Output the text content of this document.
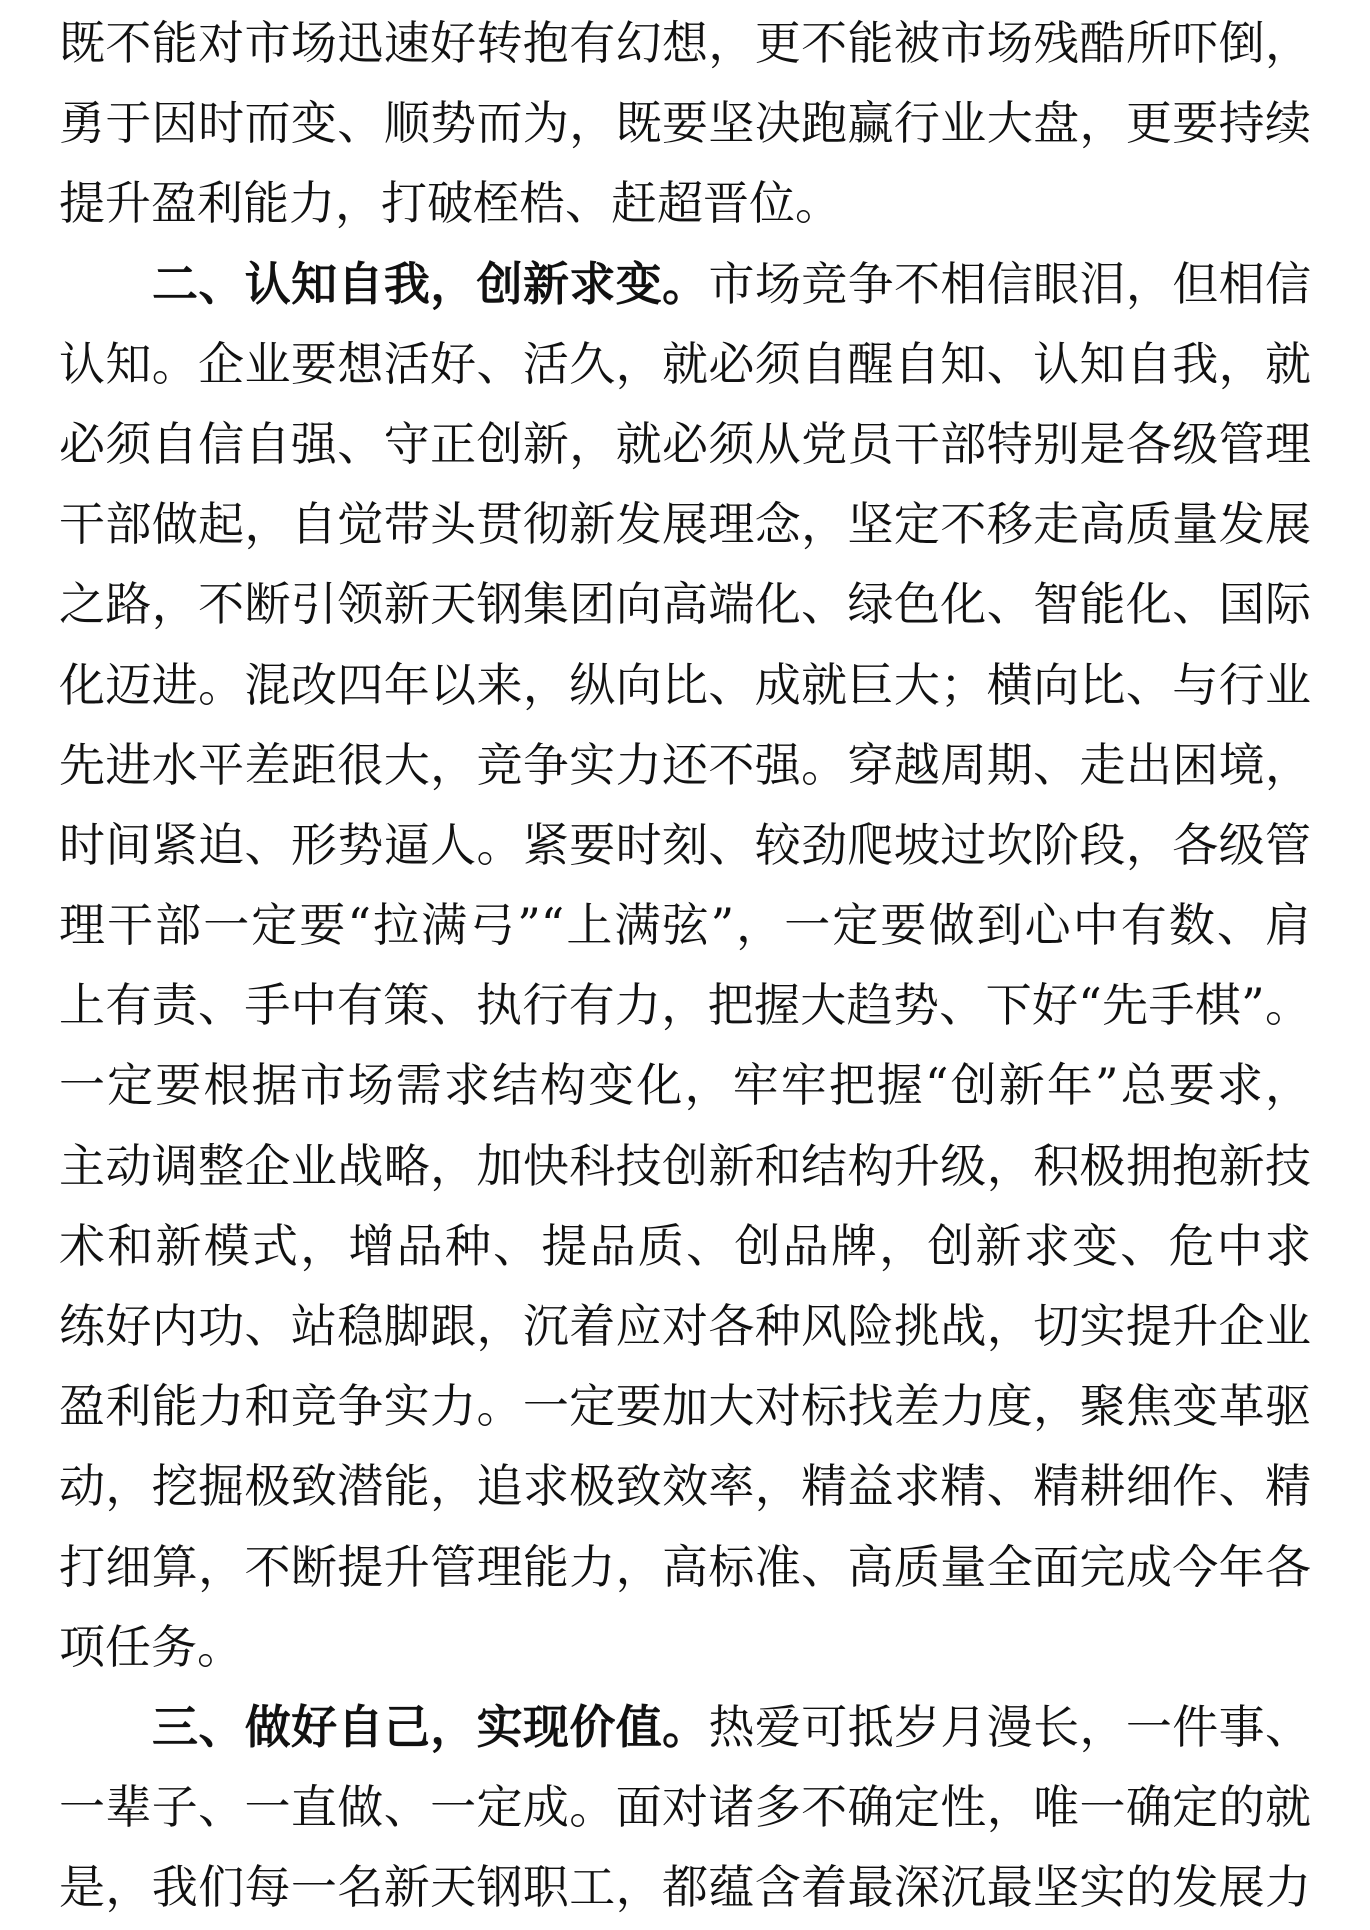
既不能对市场迅速好转抱有幻想，更不能被市场残酷所吓倒，
勇于因时而变、顺势而为，既要坚决跑赢行业大盘，更要持续
提升盈利能力，打破桎梏、赶超晋位。
二、认知自我，创新求变。市场竞争不相信眼泪，但相信
认知。企业要想活好、活久，就必须自醒自知、认知自我，就
必须自信自强、守正创新，就必须从党员干部特别是各级管理
干部做起，自觉带头贯彻新发展理念，坚定不移走高质量发展
之路，不断引领新天钢集团向高端化、绿色化、智能化、国际
化迈进。混改四年以来，纵向比、成就巨大；横向比、与行业
先进水平差距很大，竞争实力还不强。穿越周期、走出困境，
时间紧迫、形势逼人。紧要时刻、较劲爬坡过坎阶段，各级管
理干部一定要“拉满弓”“上满弦”，一定要做到心中有数、肩
上有责、手中有策、执行有力，把握大趋势、下好“先手棋”。
一定要根据市场需求结构变化，牢牢把握“创新年”总要求，
主动调整企业战略，加快科技创新和结构升级，积极拥抱新技
术和新模式，增品种、提品质、创品牌，创新求变、危中求
练好内功、站稳脚跟，沉着应对各种风险挑战，切实提升企业
盈利能力和竞争实力。一定要加大对标找差力度，聚焦变革驱
动，挖掘极致潜能，追求极致效率，精益求精、精耕细作、精
打细算，不断提升管理能力，高标准、高质量全面完成今年各
项任务。
三、做好自己，实现价值。热爱可抵岁月漫长，一件事、
一辈子、一直做、一定成。面对诸多不确定性，唯一确定的就
是，我们每一名新天钢职工，都蕴含着最深沉最坚实的发展力
